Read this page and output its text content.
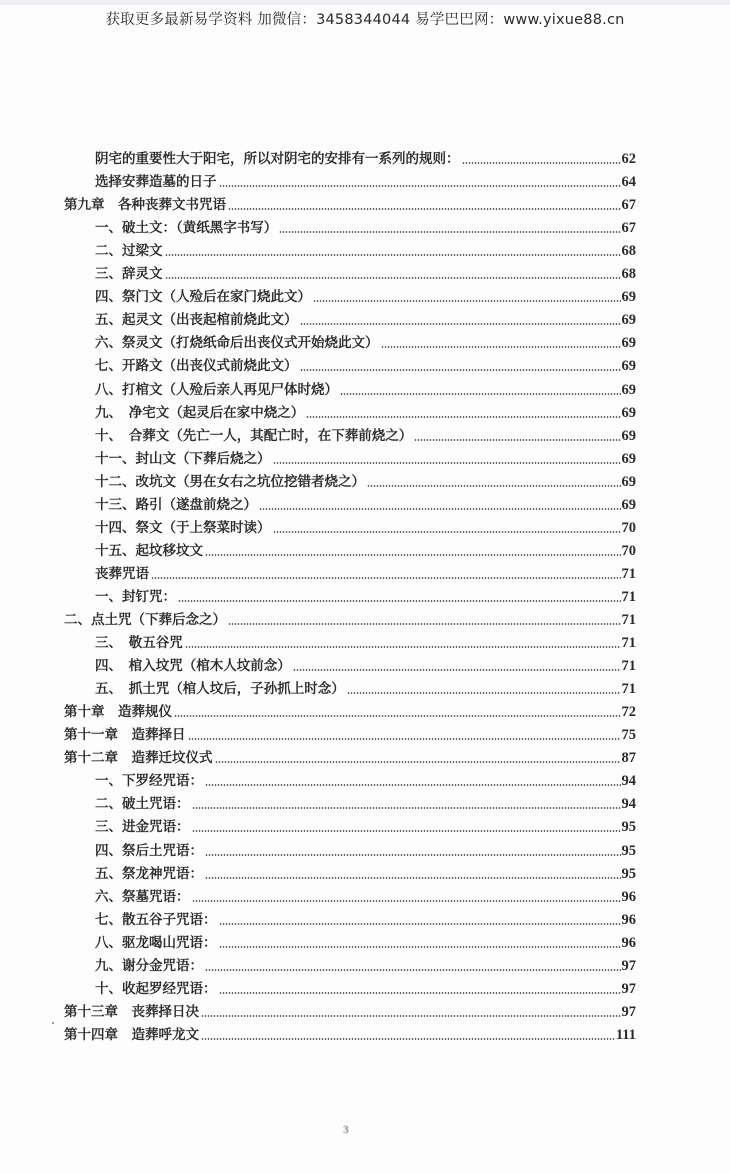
获取更多最新易学资料 加微信：3458344044 易学巴巴网：www.yixue88.cn
阴宅的重要性大于阳宅，所以对阴宅的安排有一系列的规则：	62
选择安葬造墓的日子	64
第九章　各种丧葬文书咒语	67
一、破土文：（黄纸黑字书写）	67
二、过梁文	68
三、辞灵文	68
四、祭门文（人殓后在家门烧此文）	69
五、起灵文（出丧起棺前烧此文）	69
六、祭灵文（打烧纸命后出丧仪式开始烧此文）	69
七、开路文（出丧仪式前烧此文）	69
八、打棺文（人殓后亲人再见尸体时烧）	69
九、　净宅文（起灵后在家中烧之）	69
十、　合葬文（先亡一人，其配亡时，在下葬前烧之）	69
十一、封山文（下葬后烧之）	69
十二、改坑文（男在女右之坑位挖错者烧之）	69
十三、路引（遂盘前烧之）	69
十四、祭文（于上祭菜时读）	70
十五、起坟移坟文	70
丧葬咒语	71
一、封钉咒：	71
二、点土咒（下葬后念之）	71
三、　敬五谷咒	71
四、　棺入坟咒（棺木人坟前念）	71
五、　抓土咒（棺人坟后，子孙抓上时念）	71
第十章　造葬规仪	72
第十一章　造葬择日	75
第十二章　造葬迁坟仪式	87
一、下罗经咒语：	94
二、破土咒语：	94
三、进金咒语：	95
四、祭后土咒语：	95
五、祭龙神咒语：	95
六、祭墓咒语：	96
七、散五谷子咒语：	96
八、驱龙喝山咒语：	96
九、谢分金咒语：	97
十、收起罗经咒语：	97
第十三章　丧葬择日决	97
第十四章　造葬呼龙文	111
3
